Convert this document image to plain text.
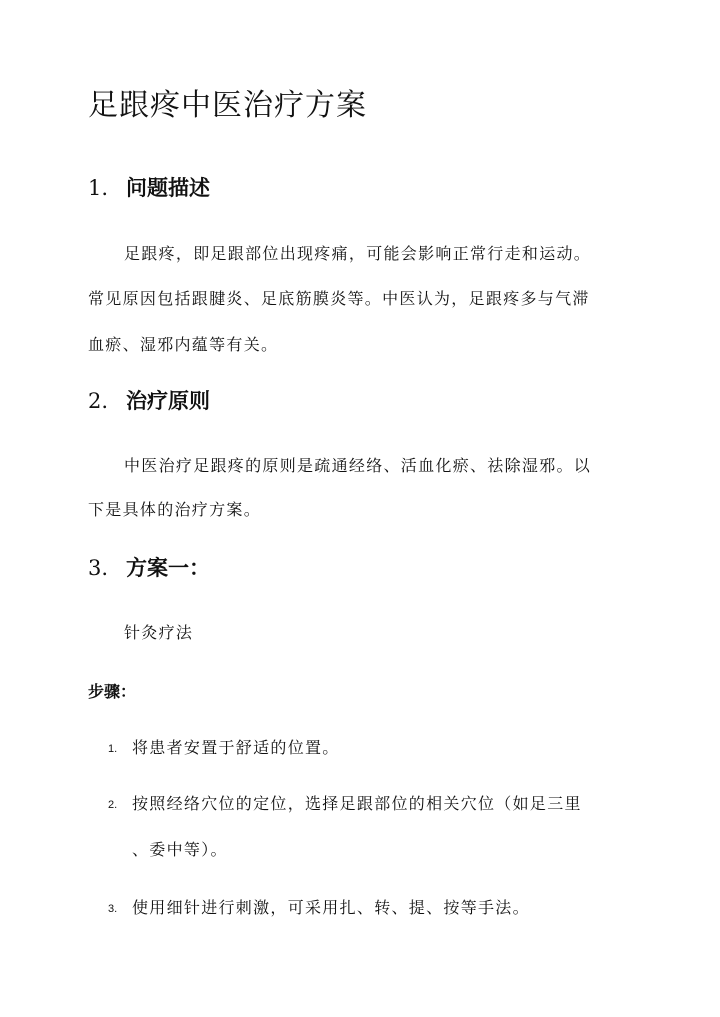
足跟疼中医治疗方案
1. 问题描述
足跟疼，即足跟部位出现疼痛，可能会影响正常行走和运动。
常见原因包括跟腱炎、足底筋膜炎等。中医认为，足跟疼多与气滞
血瘀、湿邪内蕴等有关。
2. 治疗原则
中医治疗足跟疼的原则是疏通经络、活血化瘀、祛除湿邪。以
下是具体的治疗方案。
3. 方案一：
针灸疗法
步骤：
1. 将患者安置于舒适的位置。
2. 按照经络穴位的定位，选择足跟部位的相关穴位（如足三里
、委中等）。
3. 使用细针进行刺激，可采用扎、转、提、按等手法。
